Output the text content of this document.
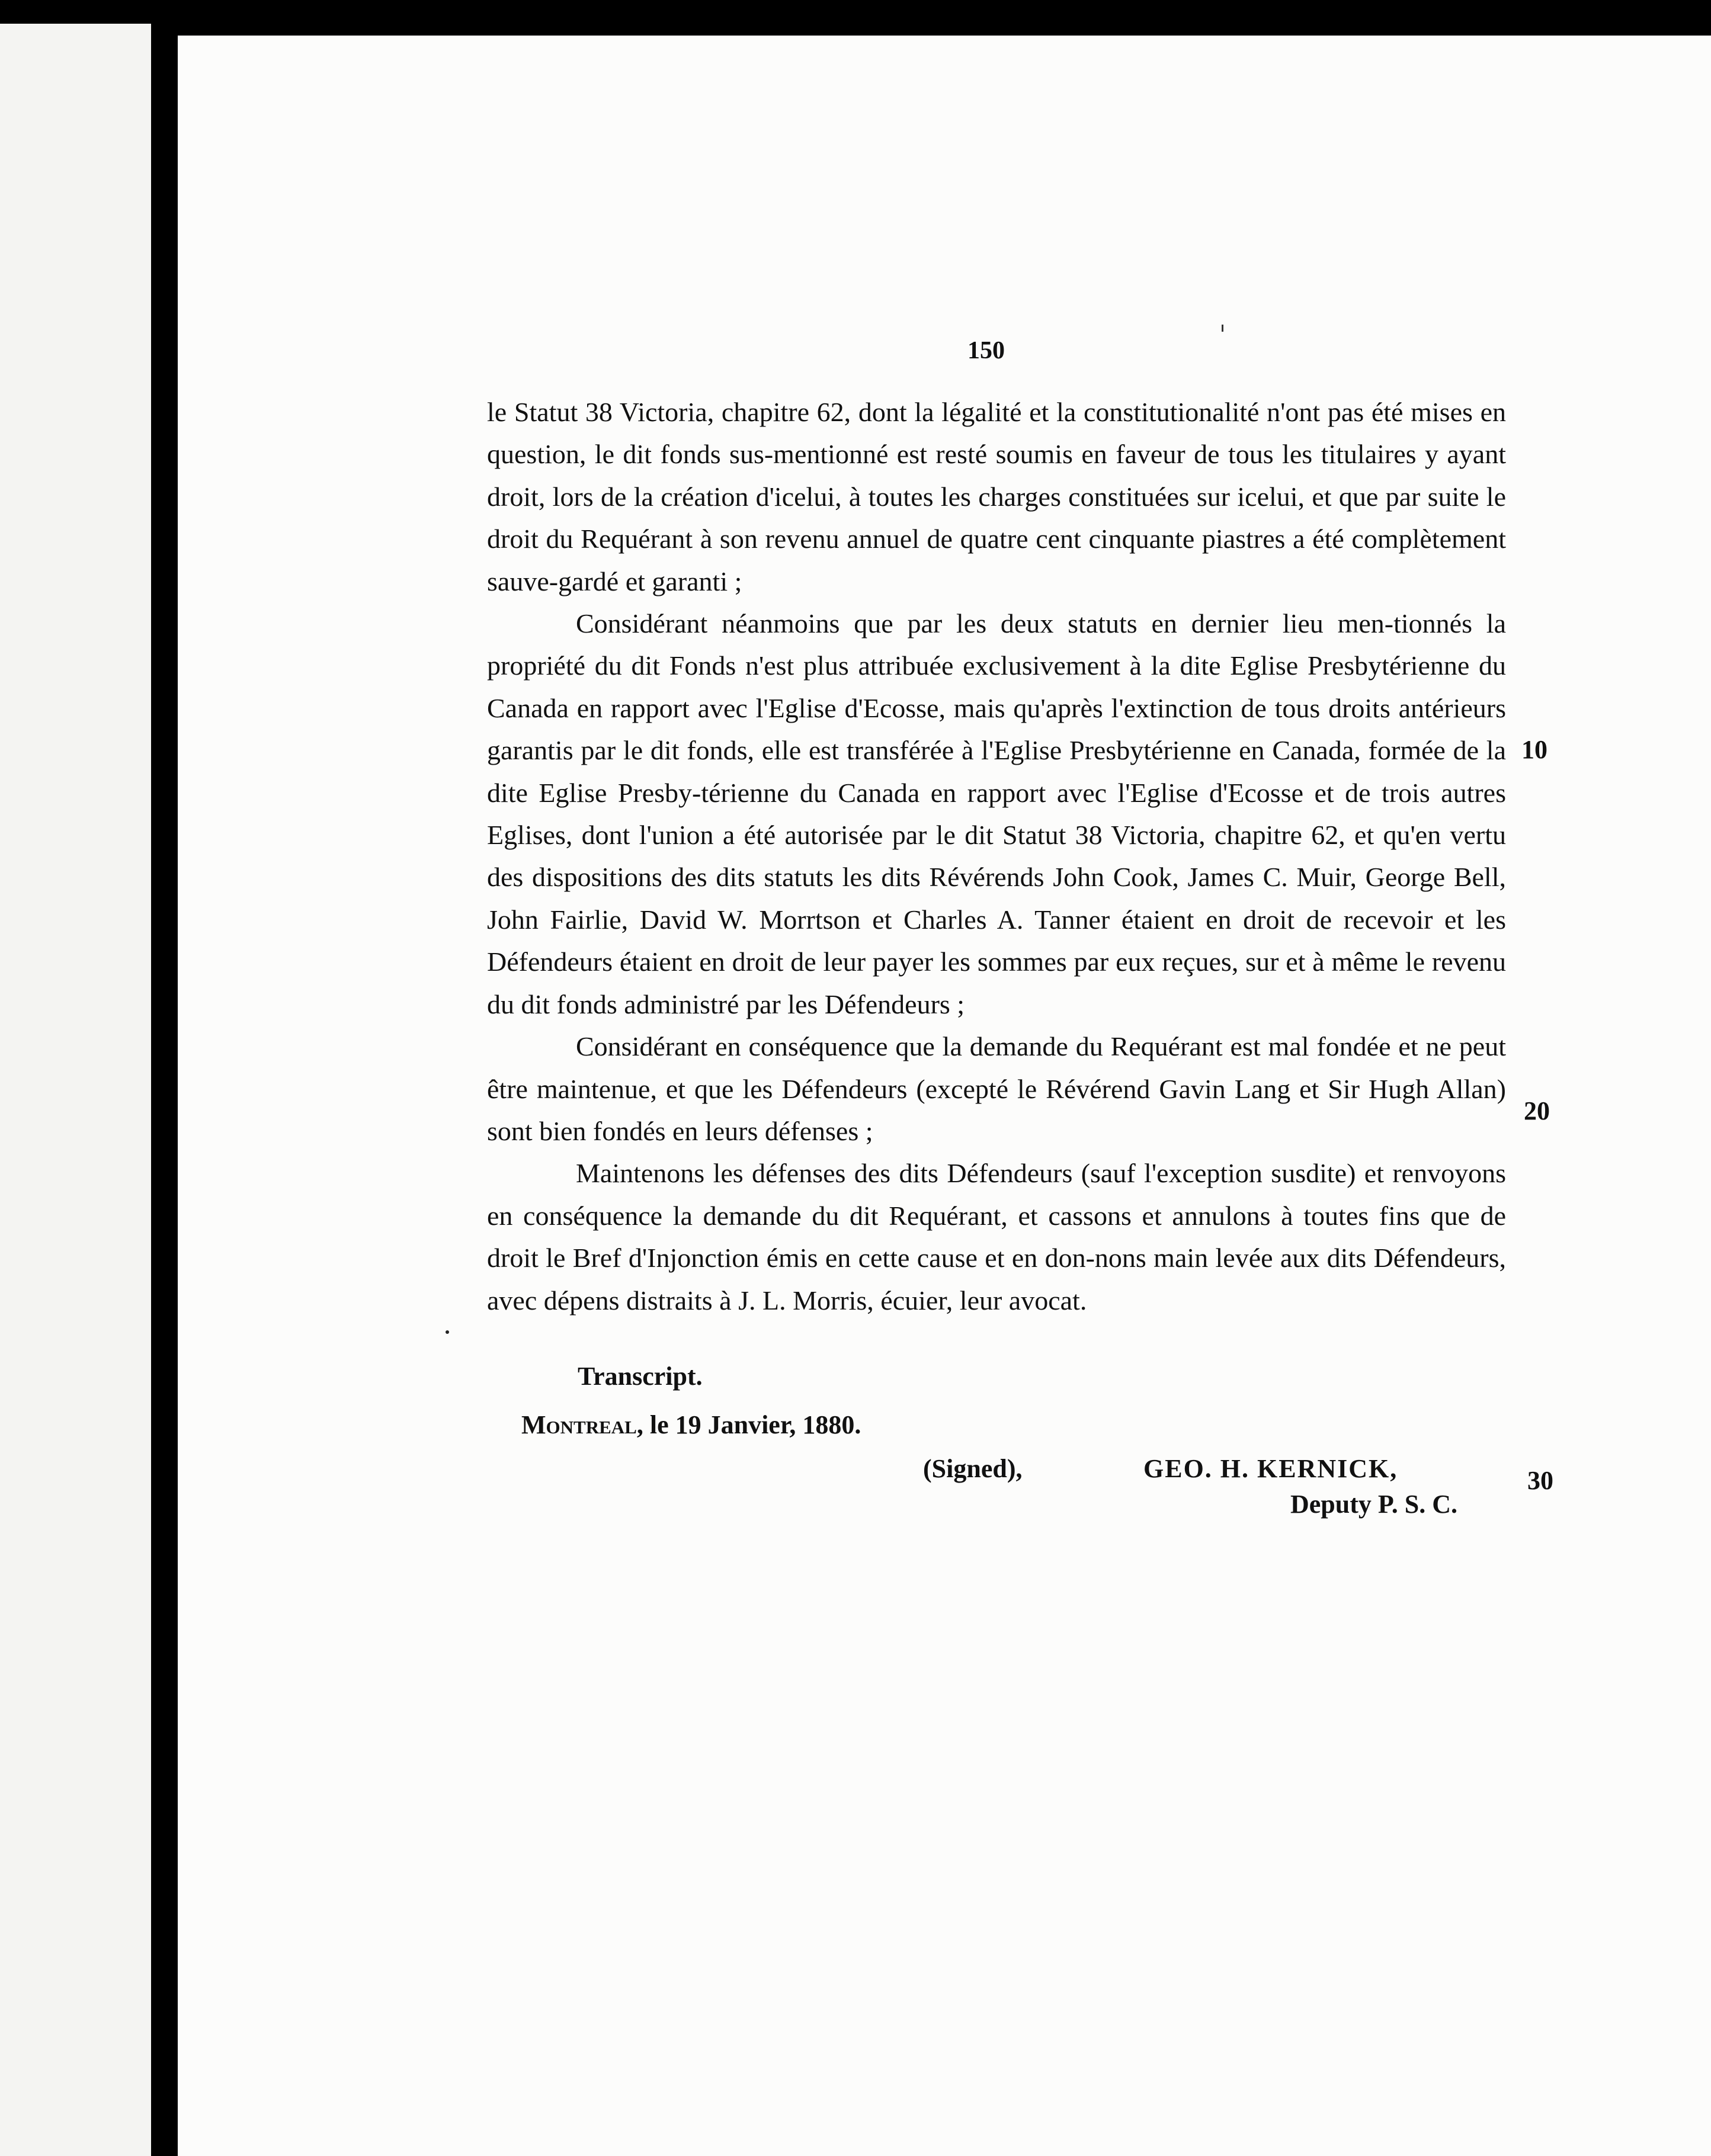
150

le Statut 38 Victoria, chapitre 62, dont la légalité et la constitutionalité n'ont pas été mises en question, le dit fonds sus-mentionné est resté soumis en faveur de tous les titulaires y ayant droit, lors de la création d'icelui, à toutes les charges constituées sur icelui, et que par suite le droit du Requérant à son revenu annuel de quatre cent cinquante piastres a été complètement sauve-gardé et garanti ;

Considérant néanmoins que par les deux statuts en dernier lieu men-tionnés la propriété du dit Fonds n'est plus attribuée exclusivement à la dite Eglise Presbytérienne du Canada en rapport avec l'Eglise d'Ecosse, mais qu'après l'extinction de tous droits antérieurs garantis par le dit fonds, elle est transférée à l'Eglise Presbytérienne en Canada, formée de la dite Eglise Presby-térienne du Canada en rapport avec l'Eglise d'Ecosse et de trois autres Eglises, dont l'union a été autorisée par le dit Statut 38 Victoria, chapitre 62, et qu'en vertu des dispositions des dits statuts les dits Révérends John Cook, James C. Muir, George Bell, John Fairlie, David W. Morrtson et Charles A. Tanner étaient en droit de recevoir et les Défendeurs étaient en droit de leur payer les sommes par eux reçues, sur et à même le revenu du dit fonds administré par les Défendeurs ;

Considérant en conséquence que la demande du Requérant est mal fondée et ne peut être maintenue, et que les Défendeurs (excepté le Révérend Gavin Lang et Sir Hugh Allan) sont bien fondés en leurs défenses ;

Maintenons les défenses des dits Défendeurs (sauf l'exception susdite) et renvoyons en conséquence la demande du dit Requérant, et cassons et annulons à toutes fins que de droit le Bref d'Injonction émis en cette cause et en don-nons main levée aux dits Défendeurs, avec dépens distraits à J. L. Morris, écuier, leur avocat.

Transcript.
Montreal, le 19 Janvier, 1880.
(Signed),	GEO. H. KERNICK,
Deputy P. S. C.
10
20
30
